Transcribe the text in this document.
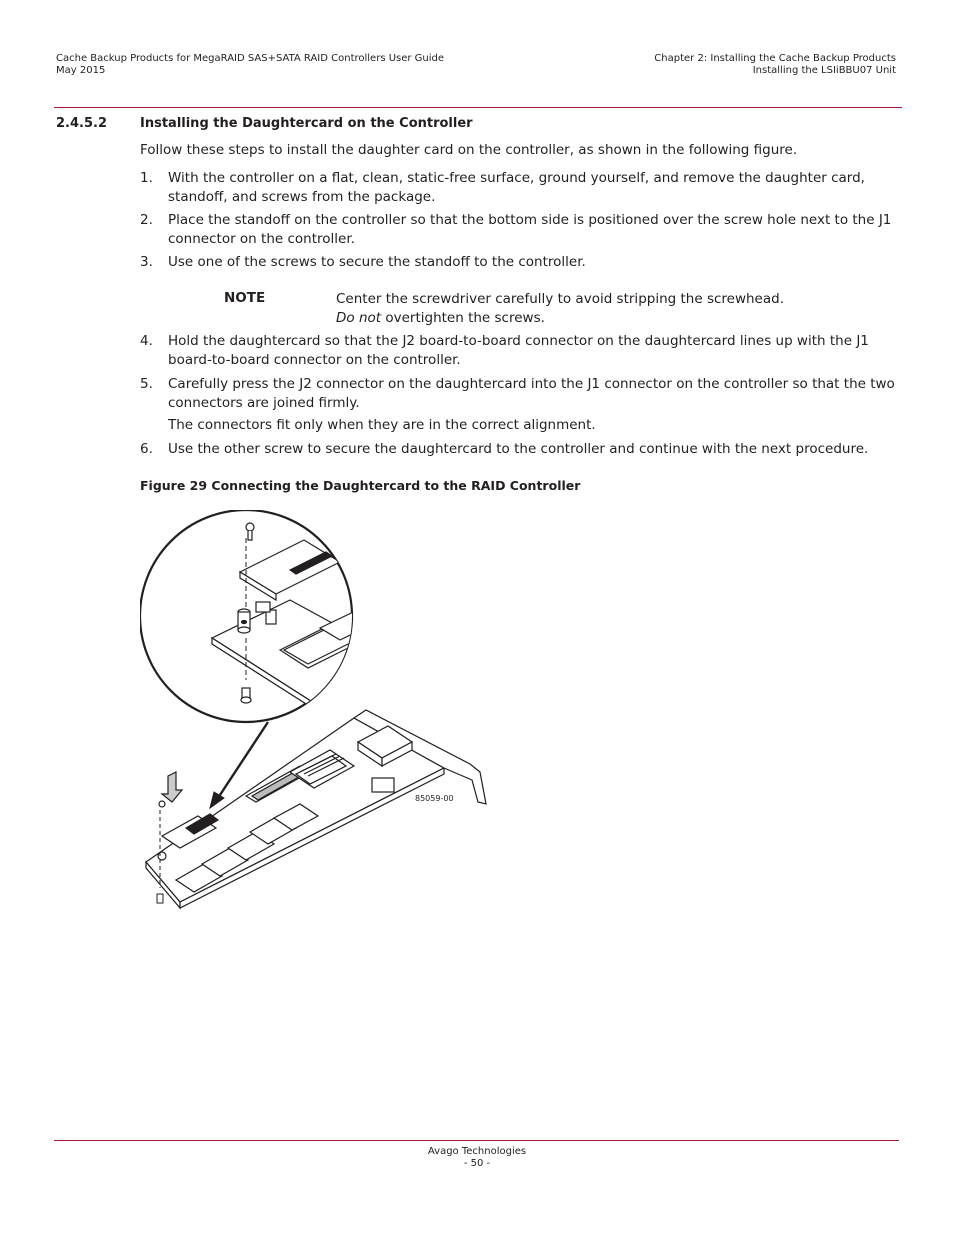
Cache Backup Products for MegaRAID SAS+SATA RAID Controllers User Guide
May 2015
Chapter 2: Installing the Cache Backup Products
Installing the LSIiBBU07 Unit
2.4.5.2	Installing the Daughtercard on the Controller
Follow these steps to install the daughter card on the controller, as shown in the following figure.
1. With the controller on a flat, clean, static-free surface, ground yourself, and remove the daughter card, standoff, and screws from the package.
2. Place the standoff on the controller so that the bottom side is positioned over the screw hole next to the J1 connector on the controller.
3. Use one of the screws to secure the standoff to the controller.
NOTE	Center the screwdriver carefully to avoid stripping the screwhead.
Do not overtighten the screws.
4. Hold the daughtercard so that the J2 board-to-board connector on the daughtercard lines up with the J1 board-to-board connector on the controller.
5. Carefully press the J2 connector on the daughtercard into the J1 connector on the controller so that the two connectors are joined firmly.
The connectors fit only when they are in the correct alignment.
6. Use the other screw to secure the daughtercard to the controller and continue with the next procedure.
Figure 29 Connecting the Daughtercard to the RAID Controller
85059-00
Avago Technologies
- 50 -
